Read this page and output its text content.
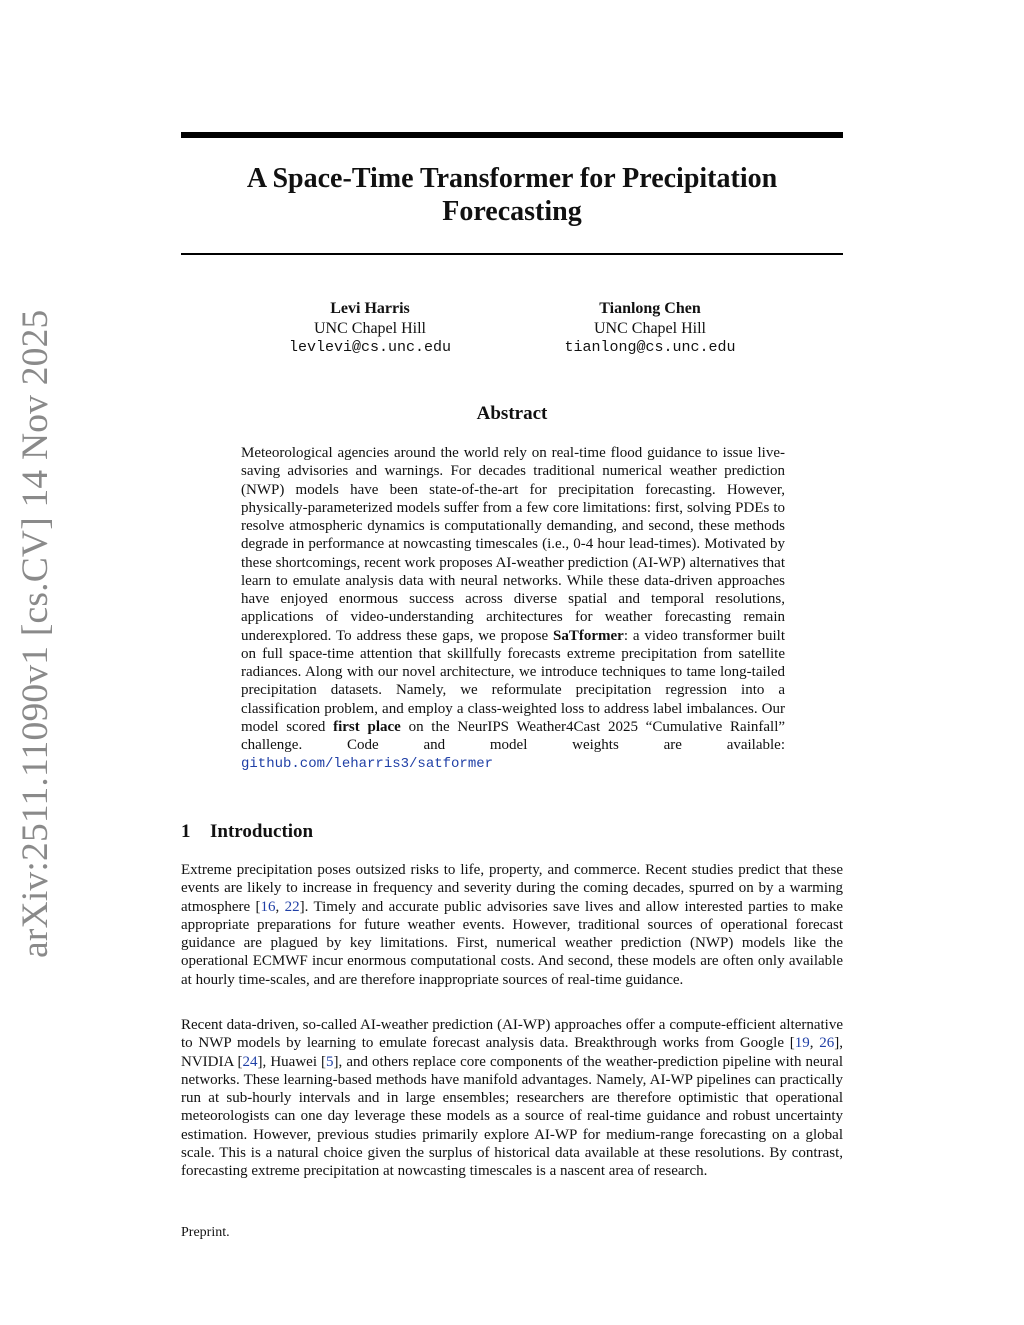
arXiv:2511.11090v1 [cs.CV] 14 Nov 2025
A Space-Time Transformer for Precipitation Forecasting
Levi Harris
UNC Chapel Hill
levlevi@cs.unc.edu
Tianlong Chen
UNC Chapel Hill
tianlong@cs.unc.edu
Abstract

Meteorological agencies around the world rely on real-time flood guidance to issue live-saving advisories and warnings. For decades traditional numerical weather prediction (NWP) models have been state-of-the-art for precipitation forecasting. However, physically-parameterized models suffer from a few core limitations: first, solving PDEs to resolve atmospheric dynamics is computationally demanding, and second, these methods degrade in performance at nowcasting timescales (i.e., 0-4 hour lead-times). Motivated by these shortcomings, recent work proposes AI-weather prediction (AI-WP) alternatives that learn to emulate analysis data with neural networks. While these data-driven approaches have enjoyed enormous success across diverse spatial and temporal resolutions, applications of video-understanding architectures for weather forecasting remain underexplored. To address these gaps, we propose SaTformer: a video transformer built on full space-time attention that skillfully forecasts extreme precipitation from satellite radiances. Along with our novel architecture, we introduce techniques to tame long-tailed precipitation datasets. Namely, we reformulate precipitation regression into a classification problem, and employ a class-weighted loss to address label imbalances. Our model scored first place on the NeurIPS Weather4Cast 2025 “Cumulative Rainfall” challenge. Code and model weights are available: github.com/leharris3/satformer

1 Introduction

Extreme precipitation poses outsized risks to life, property, and commerce. Recent studies predict that these events are likely to increase in frequency and severity during the coming decades, spurred on by a warming atmosphere [16, 22]. Timely and accurate public advisories save lives and allow interested parties to make appropriate preparations for future weather events. However, traditional sources of operational forecast guidance are plagued by key limitations. First, numerical weather prediction (NWP) models like the operational ECMWF incur enormous computational costs. And second, these models are often only available at hourly time-scales, and are therefore inappropriate sources of real-time guidance.

Recent data-driven, so-called AI-weather prediction (AI-WP) approaches offer a compute-efficient alternative to NWP models by learning to emulate forecast analysis data. Breakthrough works from Google [19, 26], NVIDIA [24], Huawei [5], and others replace core components of the weather-prediction pipeline with neural networks. These learning-based methods have manifold advantages. Namely, AI-WP pipelines can practically run at sub-hourly intervals and in large ensembles; researchers are therefore optimistic that operational meteorologists can one day leverage these models as a source of real-time guidance and robust uncertainty estimation. However, previous studies primarily explore AI-WP for medium-range forecasting on a global scale. This is a natural choice given the surplus of historical data available at these resolutions. By contrast, forecasting extreme precipitation at nowcasting timescales is a nascent area of research.

Preprint.
